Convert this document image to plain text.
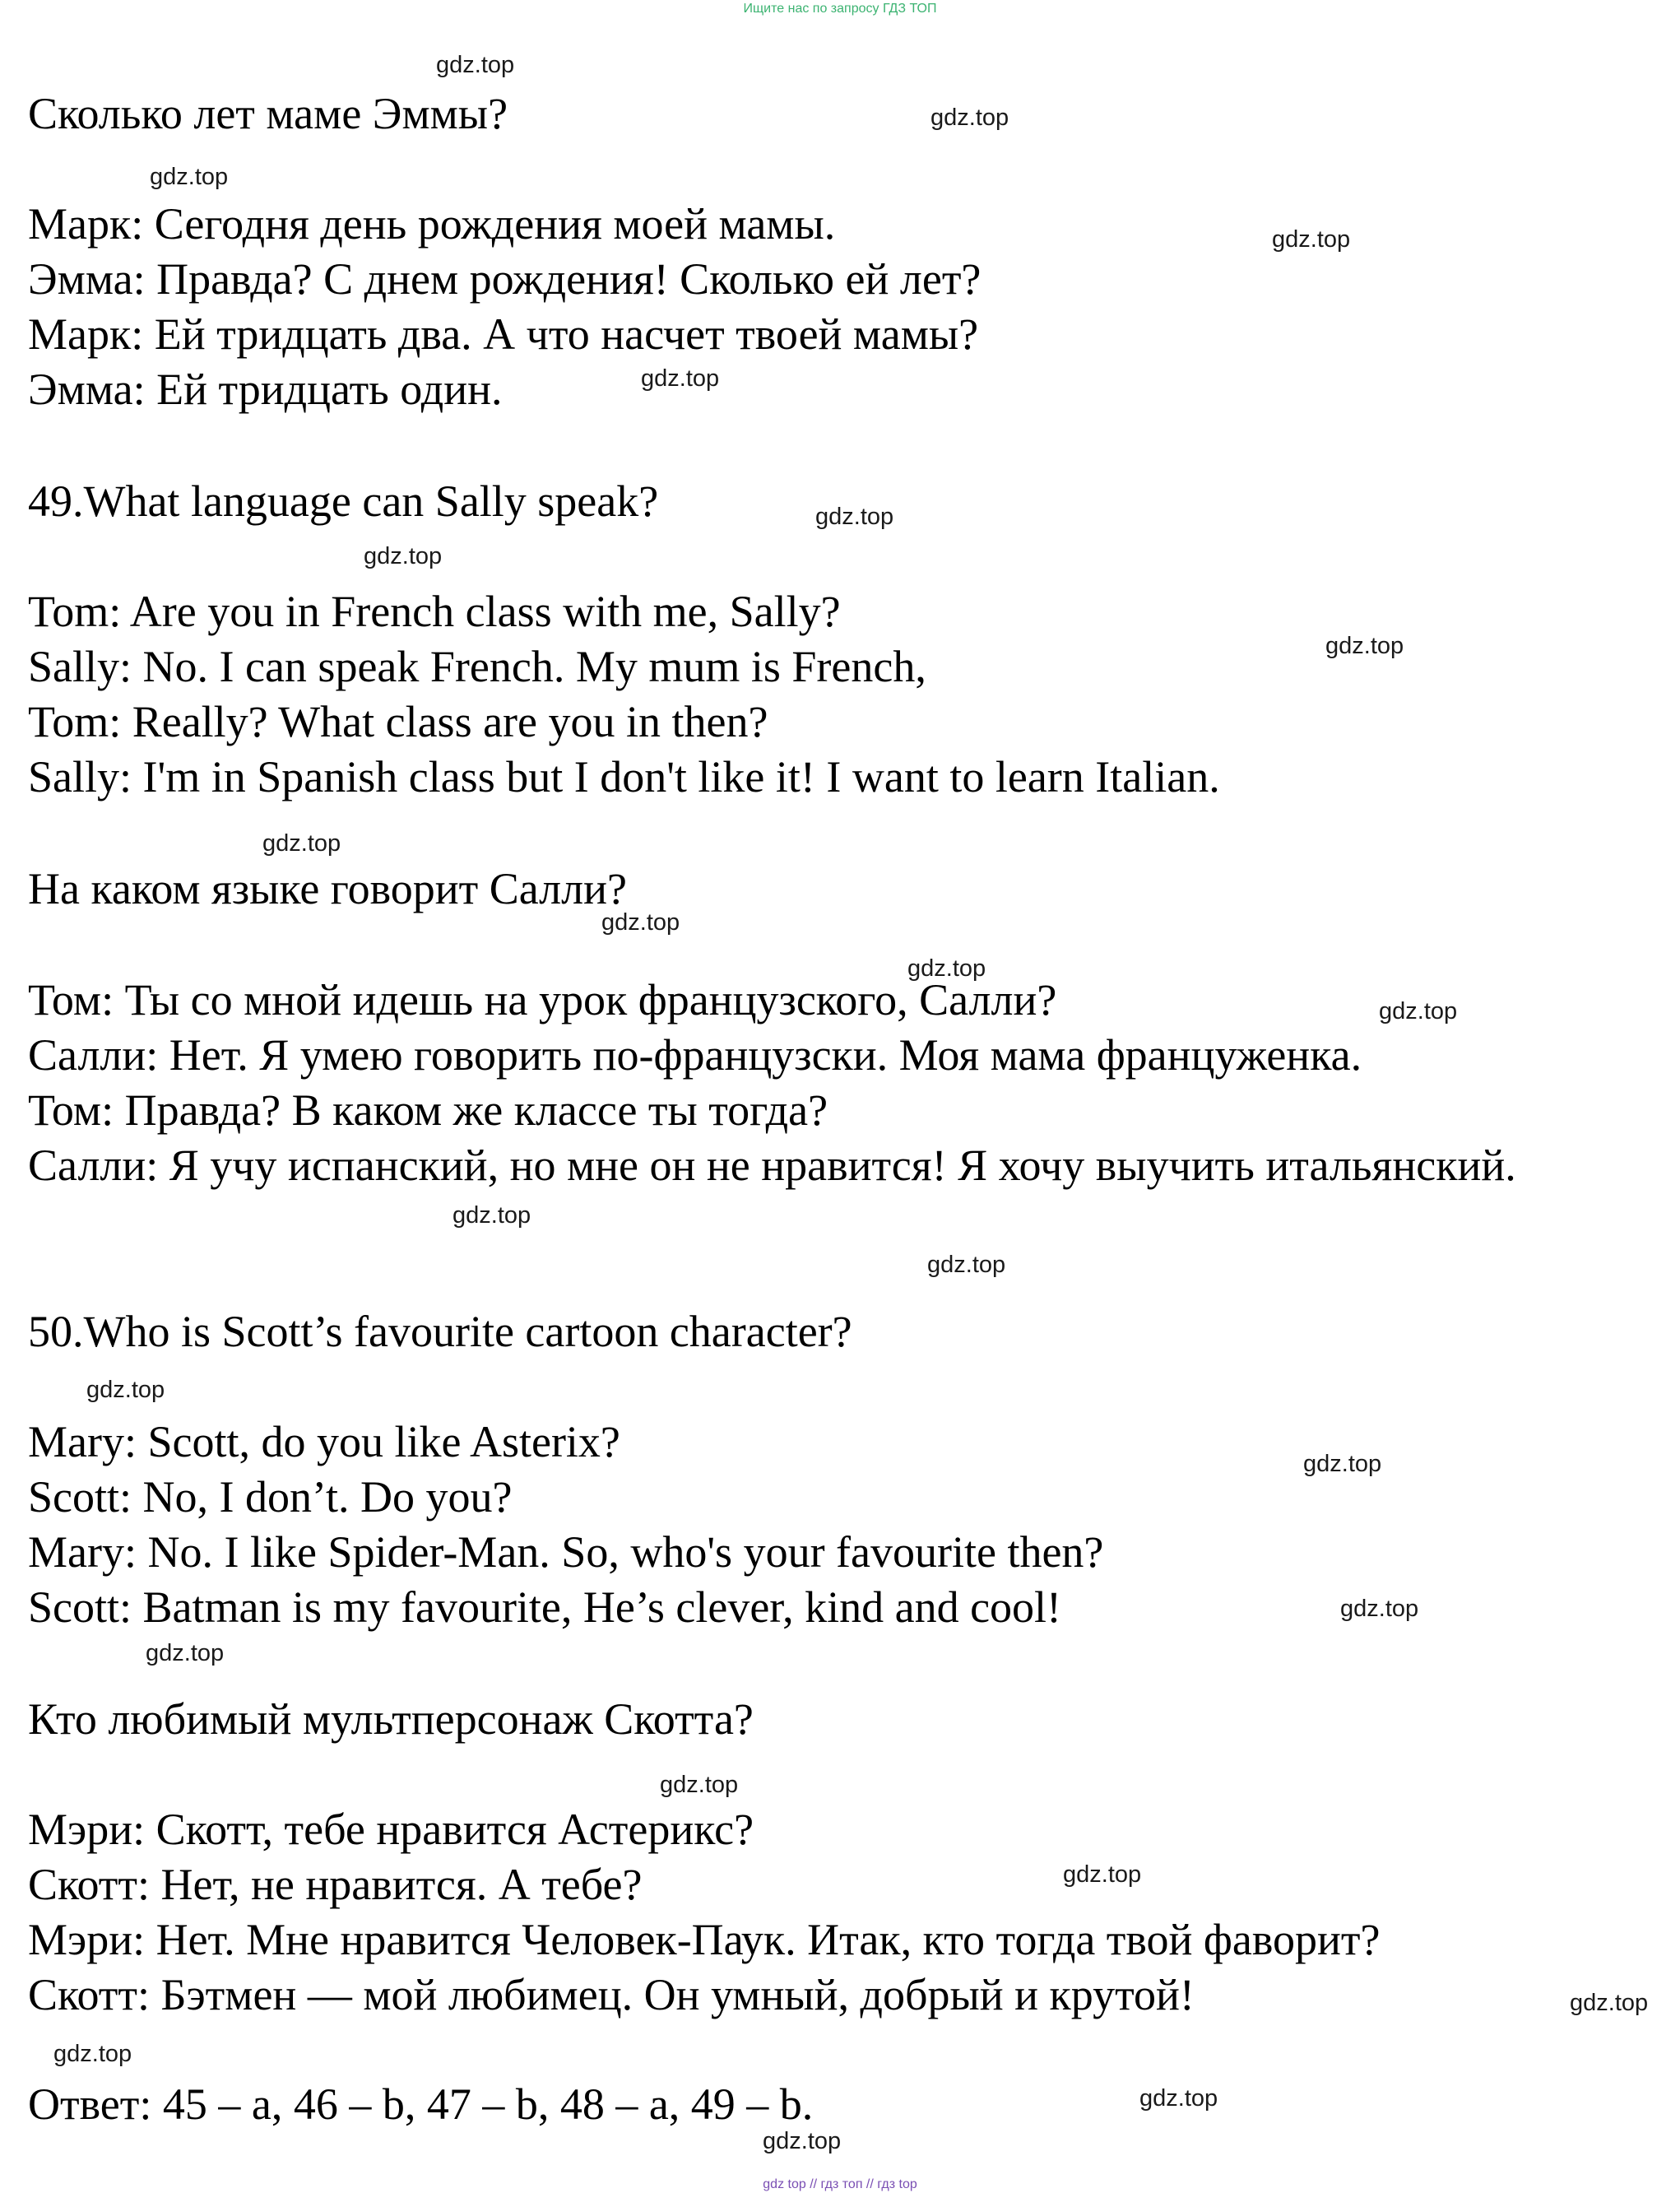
Ищите нас по запросу ГДЗ ТОП
Сколько лет маме Эммы?
Марк: Сегодня день рождения моей мамы.
Эмма: Правда? С днем рождения! Сколько ей лет?
Марк: Ей тридцать два. А что насчет твоей мамы?
Эмма: Ей тридцать один.
49.What language can Sally speak?
Tom: Are you in French class with me, Sally?
Sally: No. I can speak French. My mum is French,
Tom: Really? What class are you in then?
Sally: I'm in Spanish class but I don't like it! I want to learn Italian.
На каком языке говорит Салли?
Том: Ты со мной идешь на урок французского, Салли?
Салли: Нет. Я умею говорить по-французски. Моя мама француженка.
Том: Правда? В каком же классе ты тогда?
Салли: Я учу испанский, но мне он не нравится! Я хочу выучить итальянский.
50.Who is Scott’s favourite cartoon character?
Mary: Scott, do you like Asterix?
Scott: No, I don’t. Do you?
Mary: No. I like Spider-Man. So, who's your favourite then?
Scott: Batman is my favourite, He’s clever, kind and cool!
Кто любимый мультперсонаж Скотта?
Мэри: Скотт, тебе нравится Астерикс?
Скотт: Нет, не нравится. А тебе?
Мэри: Нет. Мне нравится Человек-Паук. Итак, кто тогда твой фаворит?
Скотт: Бэтмен — мой любимец. Он умный, добрый и крутой!
Ответ: 45 – a, 46 – b, 47 – b, 48 – a, 49 – b.
gdz.top
gdz.top
gdz.top
gdz.top
gdz.top
gdz.top
gdz.top
gdz.top
gdz.top
gdz.top
gdz.top
gdz.top
gdz.top
gdz.top
gdz.top
gdz.top
gdz.top
gdz.top
gdz.top
gdz.top
gdz.top
gdz.top
gdz.top
gdz.top
gdz top // гдз топ // гдз top
